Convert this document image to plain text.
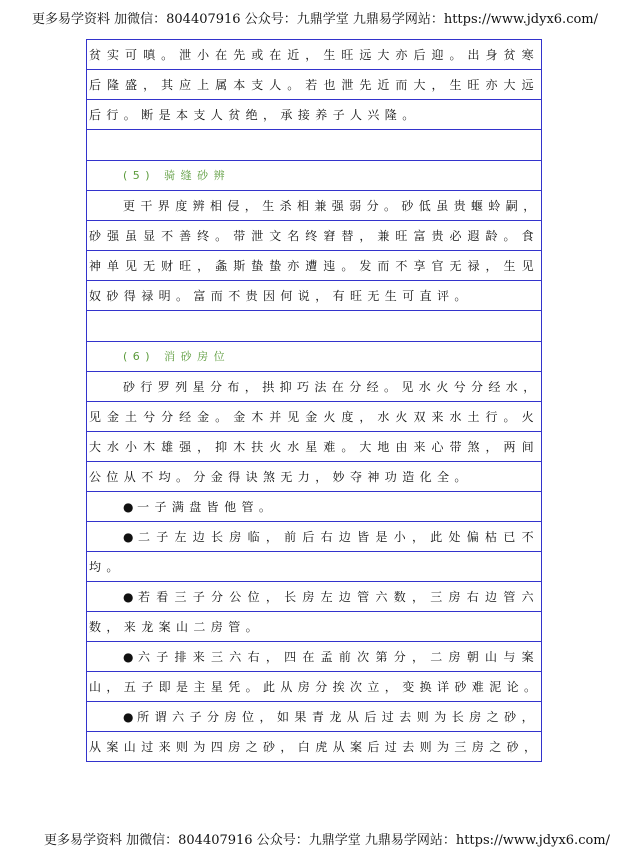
更多易学资料 加微信：804407916 公众号：九鼎学堂 九鼎易学网站：https://www.jdyx6.com/
贫实可嗔。泄小在先或在近，生旺远大亦后迎。出身贫寒
后隆盛，其应上属本支人。若也泄先近而大，生旺亦大远
后行。断是本支人贫绝，承接养子人兴隆。
(5) 骑缝砂辨
更干界度辨相侵，生杀相兼强弱分。砂低虽贵蝘蛉嗣，
砂强虽显不善终。带泄文名终窘替，兼旺富贵必遐龄。食
神单见无财旺，螽斯蛰蛰亦遭迍。发而不享官无禄，生见
奴砂得禄明。富而不贵因何说，有旺无生可直评。
(6) 消砂房位
砂行罗列星分布，拱抑巧法在分经。见水火兮分经水，
见金土兮分经金。金木并见金火度，水火双来水土行。火
大水小木雄强，抑木扶火水星难。大地由来心带煞，两间
公位从不均。分金得诀煞无力，妙夺神功造化全。
● 一子满盘皆他管。
● 二子左边长房临，前后右边皆是小，此处偏枯已不
均。
● 若看三子分公位，长房左边管六数，三房右边管六
数，来龙案山二房管。
● 六子排来三六右，四在孟前次第分，二房朝山与案
山，五子即是主星凭。此从房分挨次立，变换详砂难泥论。
● 所谓六子分房位，如果青龙从后过去则为长房之砂，
从案山过来则为四房之砂，白虎从案后过去则为三房之砂，
更多易学资料 加微信：804407916 公众号：九鼎学堂 九鼎易学网站：https://www.jdyx6.com/
